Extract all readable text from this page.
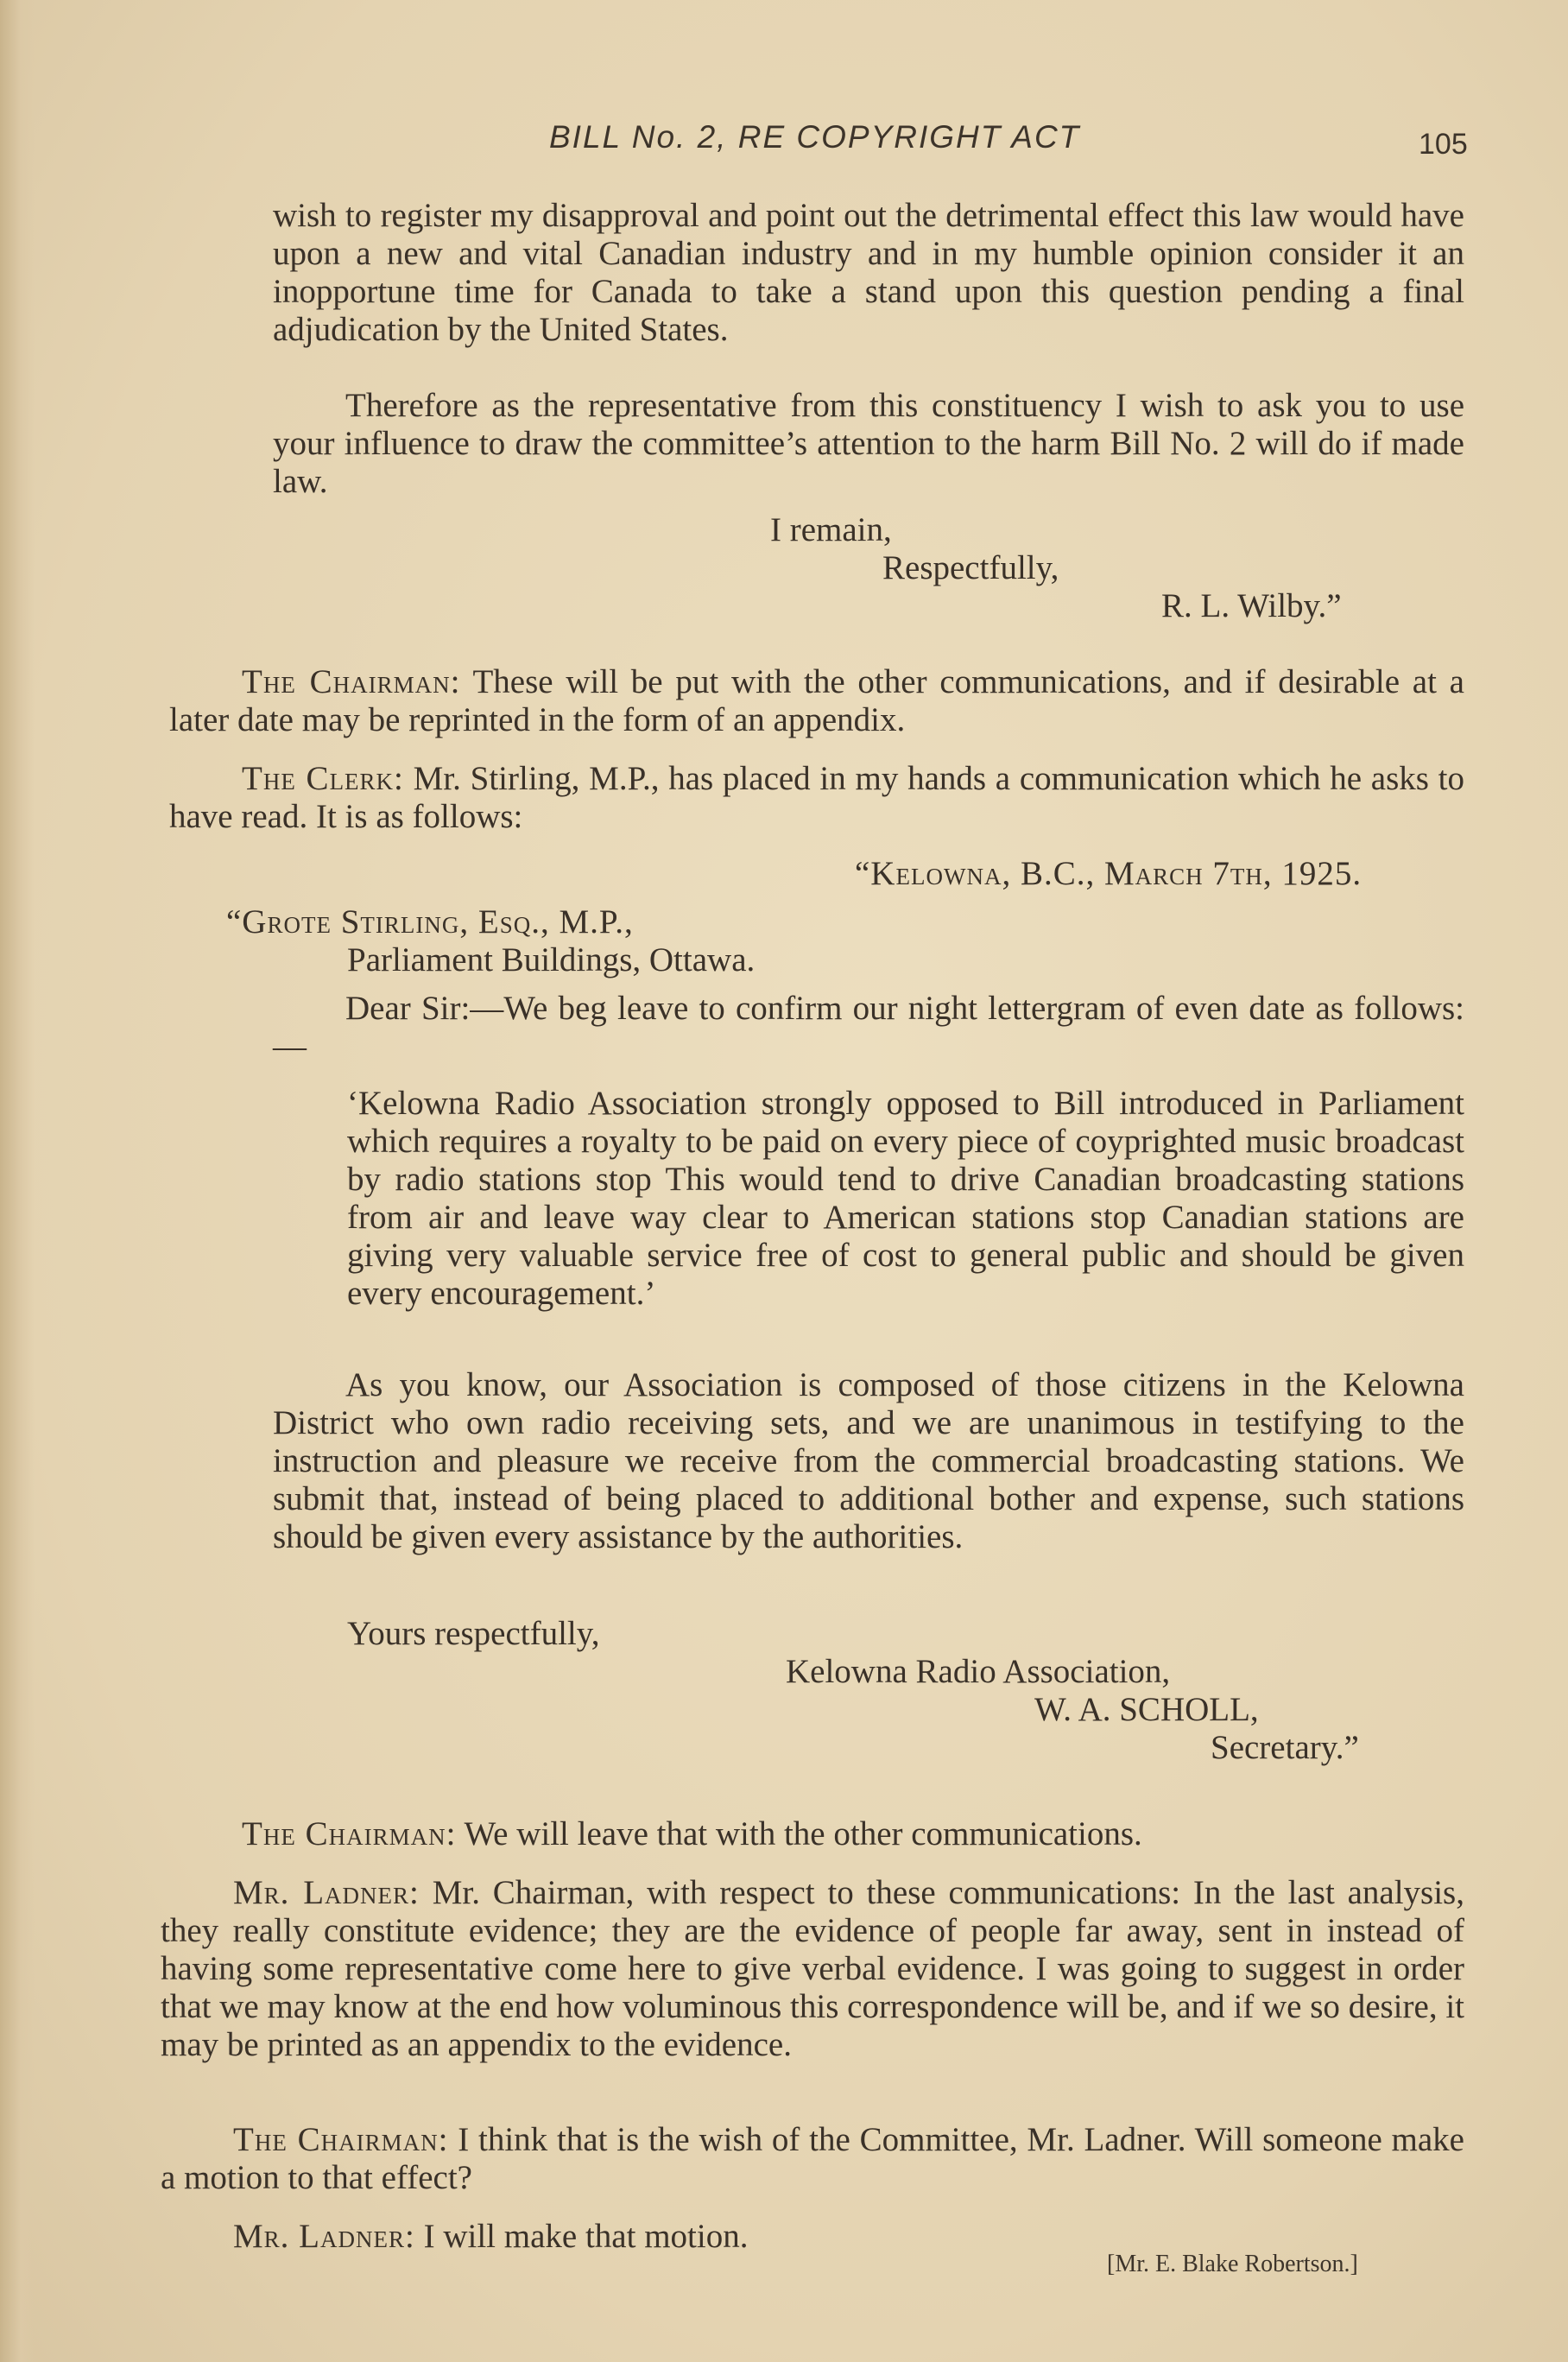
BILL No. 2, RE COPYRIGHT ACT	105

wish to register my disapproval and point out the detrimental effect this law would have upon a new and vital Canadian industry and in my humble opinion consider it an inopportune time for Canada to take a stand upon this question pending a final adjudication by the United States.

Therefore as the representative from this constituency I wish to ask you to use your influence to draw the committee’s attention to the harm Bill No. 2 will do if made law.

I remain,
Respectfully,
R. L. Wilby.”

The Chairman: These will be put with the other communications, and if desirable at a later date may be reprinted in the form of an appendix.

The Clerk: Mr. Stirling, M.P., has placed in my hands a communication which he asks to have read. It is as follows:

“Kelowna, B.C., March 7th, 1925.
“Grote Stirling, Esq., M.P.,
Parliament Buildings, Ottawa.

Dear Sir:—We beg leave to confirm our night lettergram of even date as follows:—

‘Kelowna Radio Association strongly opposed to Bill introduced in Parliament which requires a royalty to be paid on every piece of coyprighted music broadcast by radio stations stop This would tend to drive Canadian broadcasting stations from air and leave way clear to American stations stop Canadian stations are giving very valuable service free of cost to general public and should be given every encouragement.’

As you know, our Association is composed of those citizens in the Kelowna District who own radio receiving sets, and we are unanimous in testifying to the instruction and pleasure we receive from the commercial broadcasting stations. We submit that, instead of being placed to additional bother and expense, such stations should be given every assistance by the authorities.

Yours respectfully,
Kelowna Radio Association,
W. A. SCHOLL,
Secretary.”

The Chairman: We will leave that with the other communications.

Mr. Ladner: Mr. Chairman, with respect to these communications: In the last analysis, they really constitute evidence; they are the evidence of people far away, sent in instead of having some representative come here to give verbal evidence. I was going to suggest in order that we may know at the end how voluminous this correspondence will be, and if we so desire, it may be printed as an appendix to the evidence.

The Chairman: I think that is the wish of the Committee, Mr. Ladner. Will someone make a motion to that effect?

Mr. Ladner: I will make that motion.

[Mr. E. Blake Robertson.]
